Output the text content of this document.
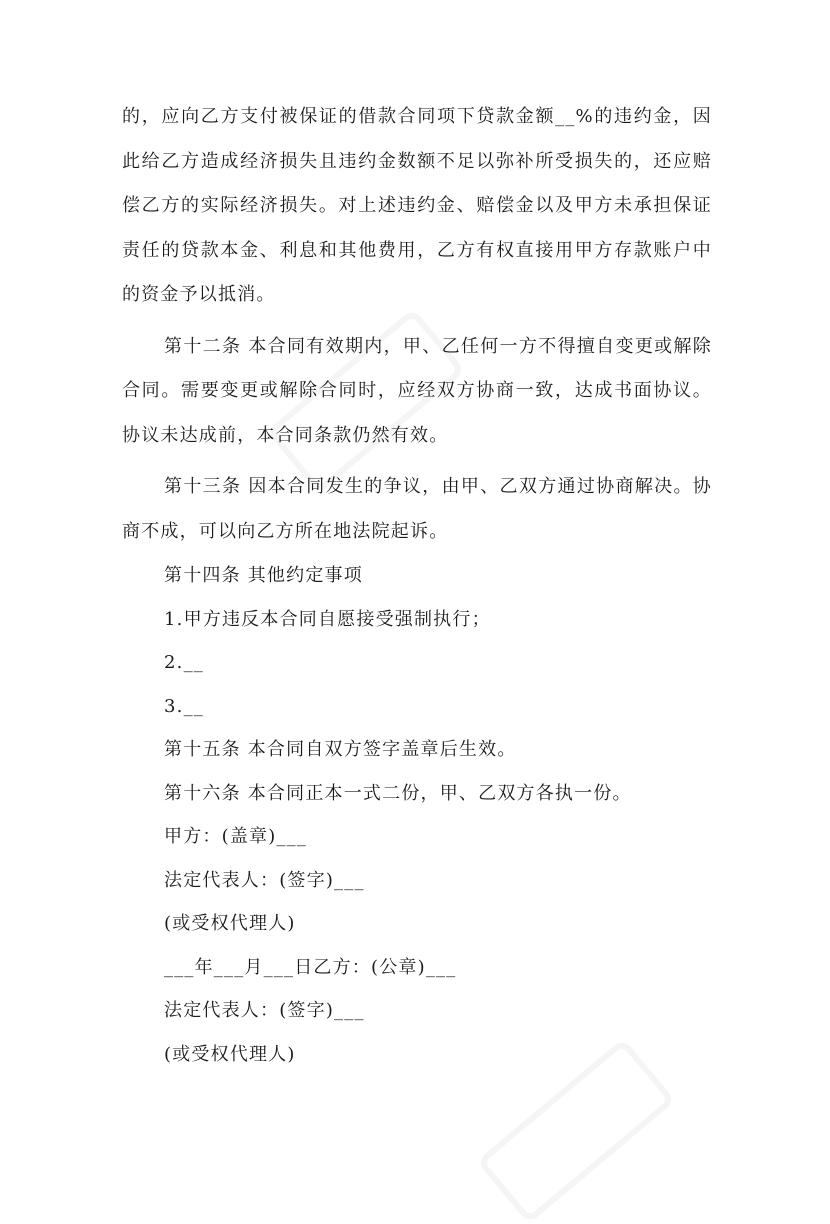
的，应向乙方支付被保证的借款合同项下贷款金额__%的违约金，因此给乙方造成经济损失且违约金数额不足以弥补所受损失的，还应赔偿乙方的实际经济损失。对上述违约金、赔偿金以及甲方未承担保证责任的贷款本金、利息和其他费用，乙方有权直接用甲方存款账户中的资金予以抵消。

第十二条 本合同有效期内，甲、乙任何一方不得擅自变更或解除合同。需要变更或解除合同时，应经双方协商一致，达成书面协议。协议未达成前，本合同条款仍然有效。

第十三条 因本合同发生的争议，由甲、乙双方通过协商解决。协商不成，可以向乙方所在地法院起诉。

第十四条 其他约定事项

1.甲方违反本合同自愿接受强制执行；

2.__

3.__

第十五条 本合同自双方签字盖章后生效。

第十六条 本合同正本一式二份，甲、乙双方各执一份。

甲方：(盖章)___

法定代表人：(签字)___

(或受权代理人)

___年___月___日乙方：(公章)___

法定代表人：(签字)___

(或受权代理人)
